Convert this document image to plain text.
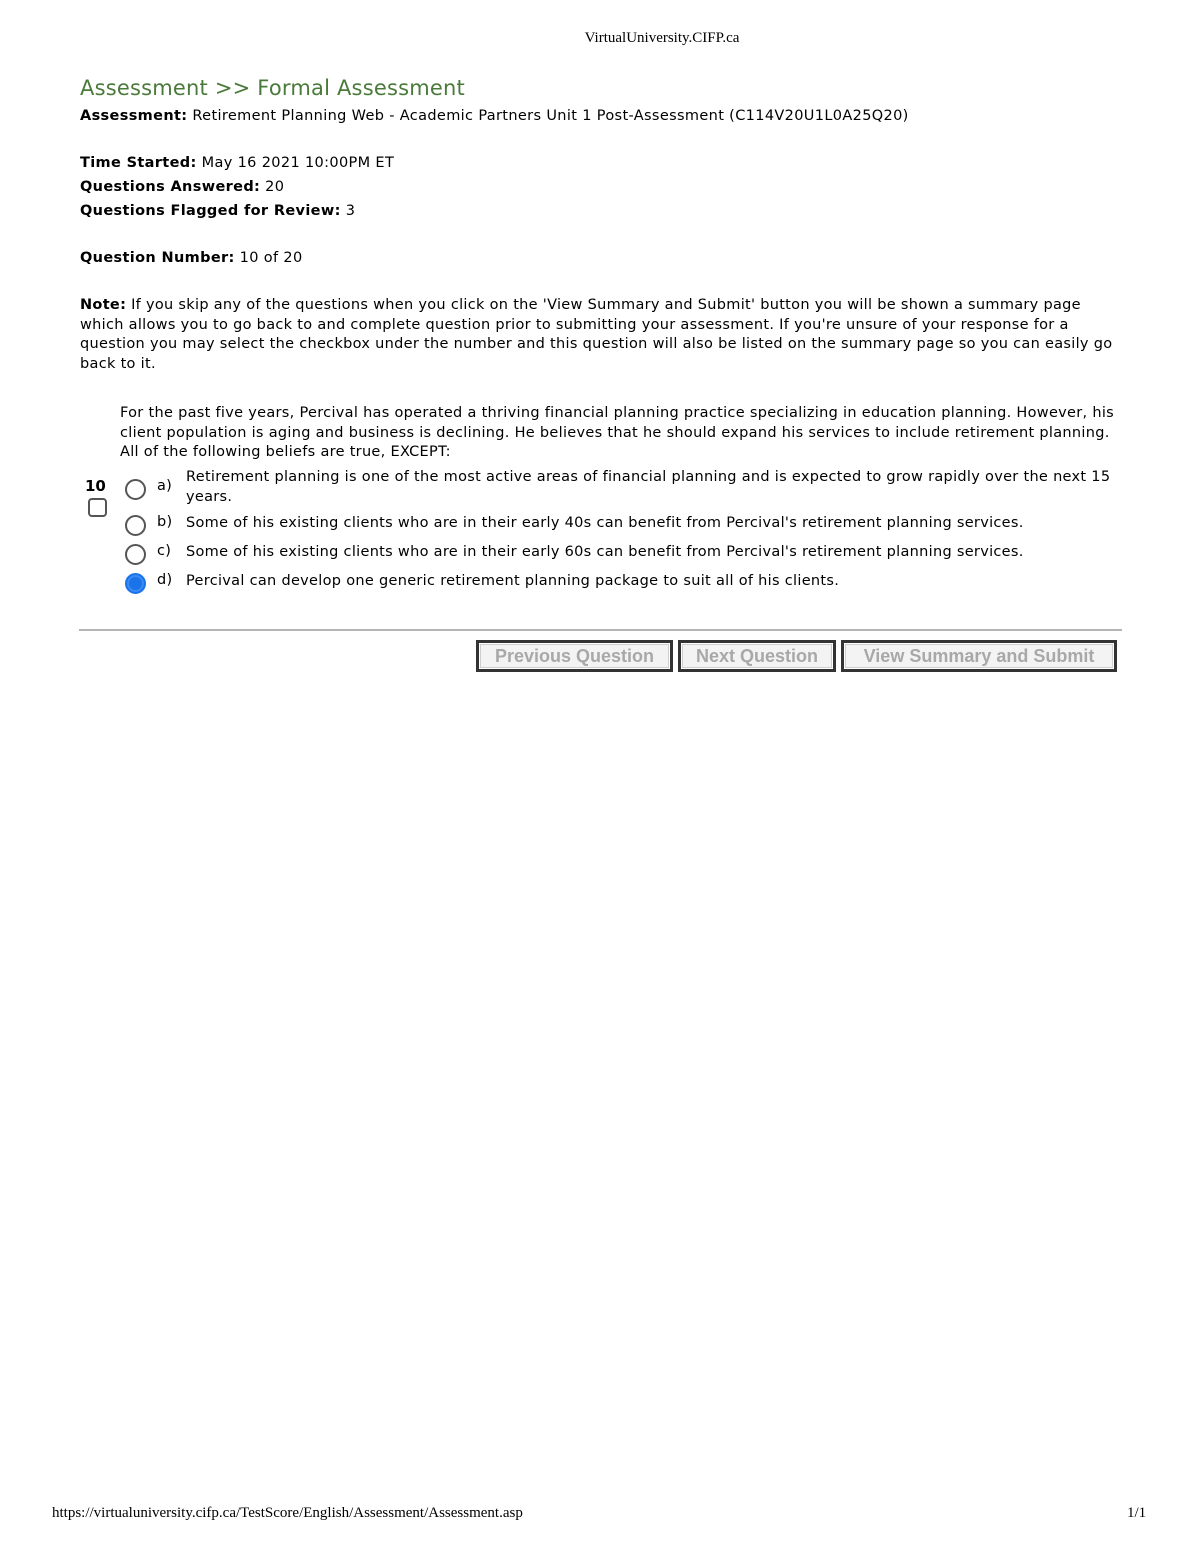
VirtualUniversity.CIFP.ca
Assessment >> Formal Assessment
Assessment: Retirement Planning Web - Academic Partners Unit 1 Post-Assessment (C114V20U1L0A25Q20)
Time Started: May 16 2021 10:00PM ET
Questions Answered: 20
Questions Flagged for Review: 3
Question Number: 10 of 20
Note: If you skip any of the questions when you click on the 'View Summary and Submit' button you will be shown a summary page which allows you to go back to and complete question prior to submitting your assessment. If you're unsure of your response for a question you may select the checkbox under the number and this question will also be listed on the summary page so you can easily go back to it.
For the past five years, Percival has operated a thriving financial planning practice specializing in education planning. However, his client population is aging and business is declining. He believes that he should expand his services to include retirement planning. All of the following beliefs are true, EXCEPT:
10	a)
Retirement planning is one of the most active areas of financial planning and is expected to grow rapidly over the next 15 years.
b) Some of his existing clients who are in their early 40s can benefit from Percival's retirement planning services.
c) Some of his existing clients who are in their early 60s can benefit from Percival's retirement planning services.
d) Percival can develop one generic retirement planning package to suit all of his clients.
Previous Question	Next Question	View Summary and Submit
https://virtualuniversity.cifp.ca/TestScore/English/Assessment/Assessment.asp	1/1
